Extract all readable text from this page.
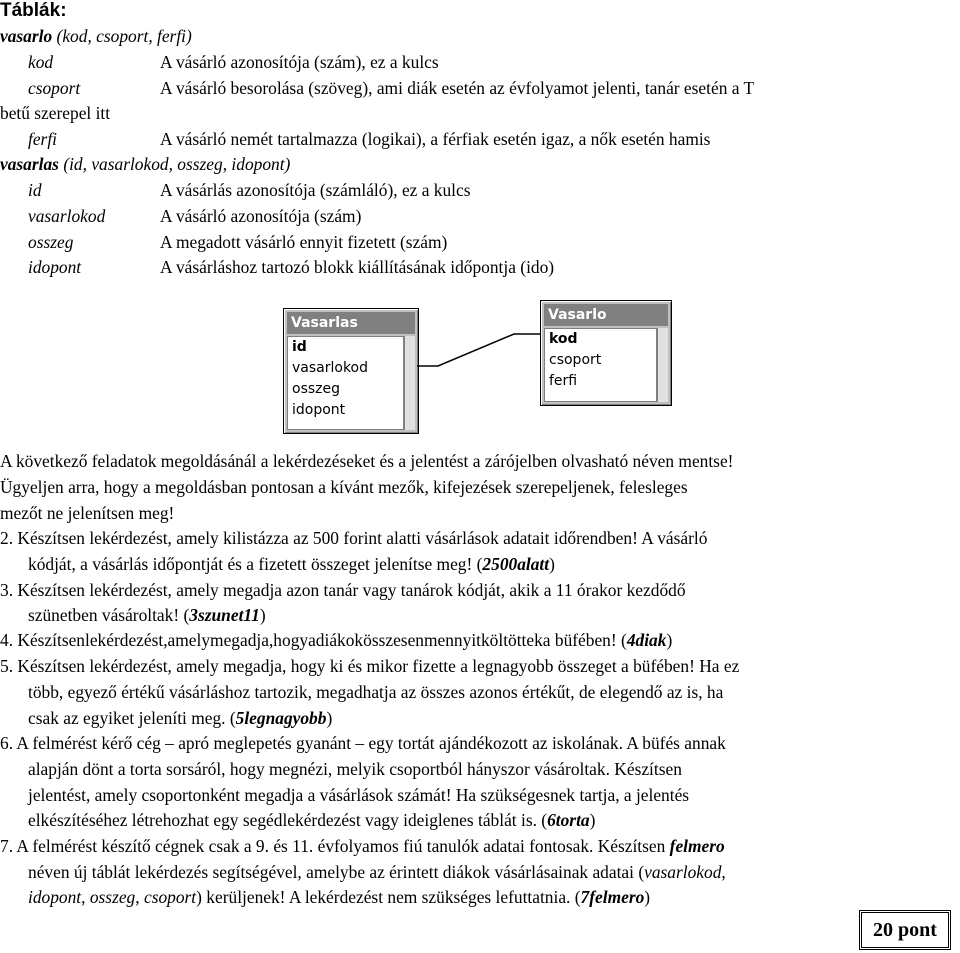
Táblák:
vasarlo (kod, csoport, ferfi)
kod	A vásárló azonosítója (szám), ez a kulcs
csoport	A vásárló besorolása (szöveg), ami diák esetén az évfolyamot jelenti, tanár esetén a T
betű szerepel itt
ferfi	A vásárló nemét tartalmazza (logikai), a férfiak esetén igaz, a nők esetén hamis
vasarlas (id, vasarlokod, osszeg, idopont)
id	A vásárlás azonosítója (számláló), ez a kulcs
vasarlokod	A vásárló azonosítója (szám)
osszeg	A megadott vásárló ennyit fizetett (szám)
idopont	A vásárláshoz tartozó blokk kiállításának időpontja (ido)
Vasarlas
id
vasarlokod
osszeg
idopont
Vasarlo
kod
csoport
ferfi
A következő feladatok megoldásánál a lekérdezéseket és a jelentést a zárójelben olvasható néven mentse!
Ügyeljen arra, hogy a megoldásban pontosan a kívánt mezők, kifejezések szerepeljenek, felesleges
mezőt ne jelenítsen meg!
2. Készítsen lekérdezést, amely kilistázza az 500 forint alatti vásárlások adatait időrendben! A vásárló
kódját, a vásárlás időpontját és a fizetett összeget jelenítse meg! (2500alatt)
3. Készítsen lekérdezést, amely megadja azon tanár vagy tanárok kódját, akik a 11 órakor kezdődő
szünetben vásároltak! (3szunet11)
4. Készítsenlekérdezést,amelymegadja,hogyadiákokösszesenmennyitköltötteka büfében! (4diak)
5. Készítsen lekérdezést, amely megadja, hogy ki és mikor fizette a legnagyobb összeget a büfében! Ha ez
több, egyező értékű vásárláshoz tartozik, megadhatja az összes azonos értékűt, de elegendő az is, ha
csak az egyiket jeleníti meg. (5legnagyobb)
6. A felmérést kérő cég – apró meglepetés gyanánt – egy tortát ajándékozott az iskolának. A büfés annak
alapján dönt a torta sorsáról, hogy megnézi, melyik csoportból hányszor vásároltak. Készítsen
jelentést, amely csoportonként megadja a vásárlások számát! Ha szükségesnek tartja, a jelentés
elkészítéséhez létrehozhat egy segédlekérdezést vagy ideiglenes táblát is. (6torta)
7. A felmérést készítő cégnek csak a 9. és 11. évfolyamos fiú tanulók adatai fontosak. Készítsen felmero
néven új táblát lekérdezés segítségével, amelybe az érintett diákok vásárlásainak adatai (vasarlokod,
idopont, osszeg, csoport) kerüljenek! A lekérdezést nem szükséges lefuttatnia. (7felmero)
20 pont
